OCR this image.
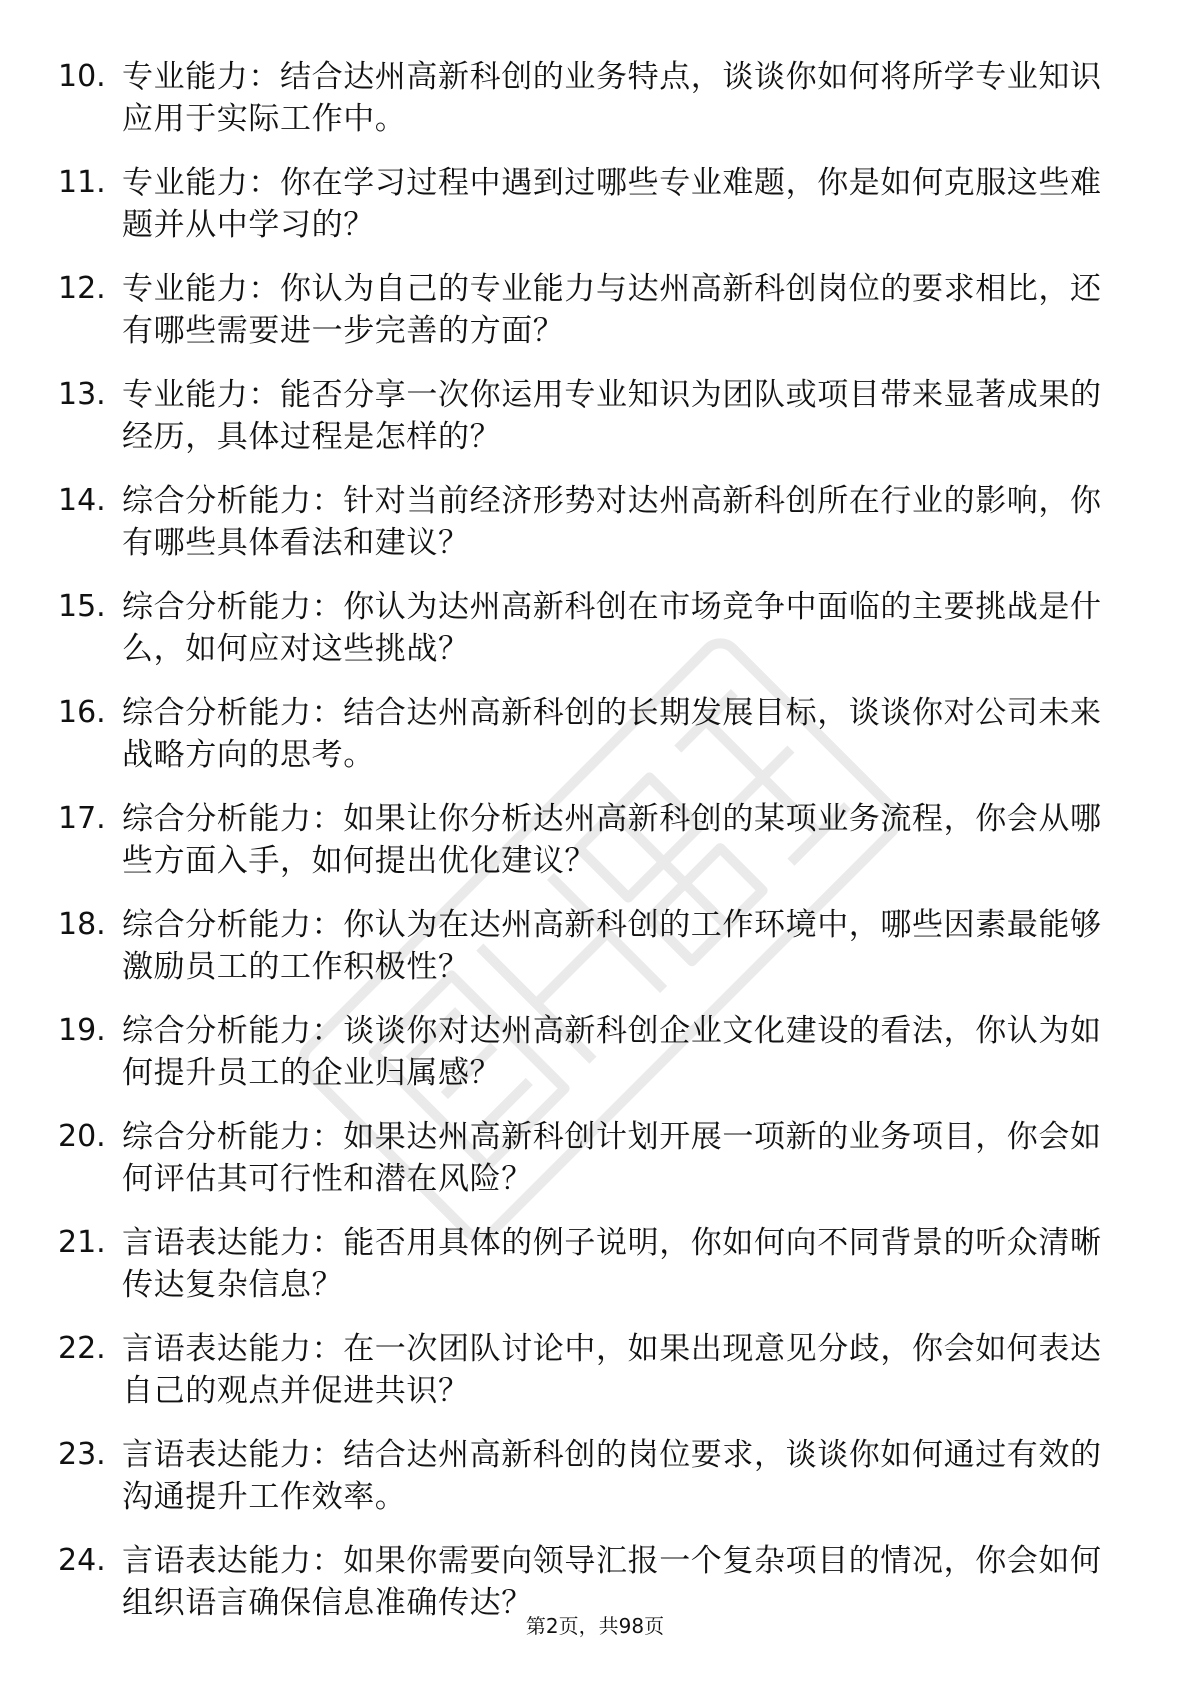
10. 专业能力：结合达州高新科创的业务特点，谈谈你如何将所学专业知识应用于实际工作中。
11. 专业能力：你在学习过程中遇到过哪些专业难题，你是如何克服这些难题并从中学习的？
12. 专业能力：你认为自己的专业能力与达州高新科创岗位的要求相比，还有哪些需要进一步完善的方面？
13. 专业能力：能否分享一次你运用专业知识为团队或项目带来显著成果的经历，具体过程是怎样的？
14. 综合分析能力：针对当前经济形势对达州高新科创所在行业的影响，你有哪些具体看法和建议？
15. 综合分析能力：你认为达州高新科创在市场竞争中面临的主要挑战是什么，如何应对这些挑战？
16. 综合分析能力：结合达州高新科创的长期发展目标，谈谈你对公司未来战略方向的思考。
17. 综合分析能力：如果让你分析达州高新科创的某项业务流程，你会从哪些方面入手，如何提出优化建议？
18. 综合分析能力：你认为在达州高新科创的工作环境中，哪些因素最能够激励员工的工作积极性？
19. 综合分析能力：谈谈你对达州高新科创企业文化建设的看法，你认为如何提升员工的企业归属感？
20. 综合分析能力：如果达州高新科创计划开展一项新的业务项目，你会如何评估其可行性和潜在风险？
21. 言语表达能力：能否用具体的例子说明，你如何向不同背景的听众清晰传达复杂信息？
22. 言语表达能力：在一次团队讨论中，如果出现意见分歧，你会如何表达自己的观点并促进共识？
23. 言语表达能力：结合达州高新科创的岗位要求，谈谈你如何通过有效的沟通提升工作效率。
24. 言语表达能力：如果你需要向领导汇报一个复杂项目的情况，你会如何组织语言确保信息准确传达？
第2页，共98页
